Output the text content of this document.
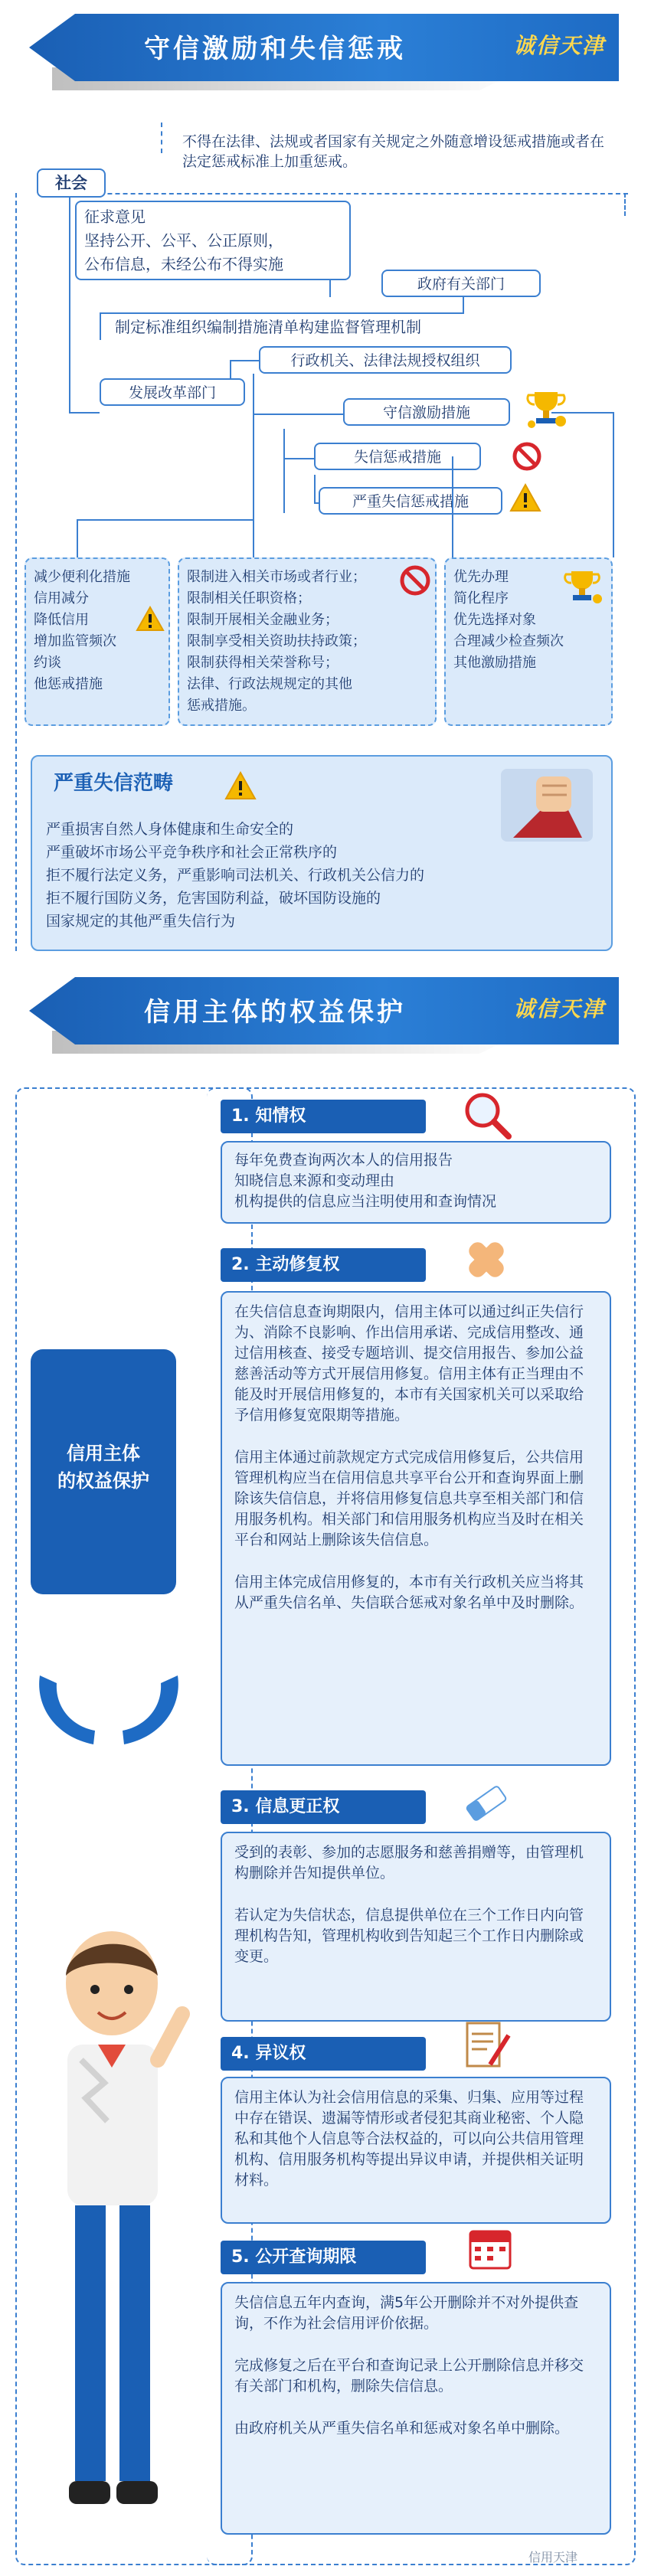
守信激励和失信惩戒	诚信天津
不得在法律、法规或者国家有关规定之外随意增设惩戒措施或者在法定惩戒标准上加重惩戒。
社会
征求意见
坚持公开、公平、公正原则，
公布信息，未经公布不得实施
政府有关部门
制定标准组织编制措施清单构建监督管理机制
行政机关、法律法规授权组织
发展改革部门
守信激励措施
失信惩戒措施
严重失信惩戒措施
减少便利化措施
信用减分
降低信用
增加监管频次
约谈
他惩戒措施
限制进入相关市场或者行业；
限制相关任职资格；
限制开展相关金融业务；
限制享受相关资助扶持政策；
限制获得相关荣誉称号；
法律、行政法规规定的其他
惩戒措施。
优先办理
简化程序
优先选择对象
合理减少检查频次
其他激励措施
严重失信范畴
严重损害自然人身体健康和生命安全的
严重破坏市场公平竞争秩序和社会正常秩序的
拒不履行法定义务，严重影响司法机关、行政机关公信力的
拒不履行国防义务，危害国防利益，破坏国防设施的
国家规定的其他严重失信行为
信用主体的权益保护	诚信天津
信用主体
的权益保护
1. 知情权
每年免费查询两次本人的信用报告
知晓信息来源和变动理由
机构提供的信息应当注明使用和查询情况
2. 主动修复权
在失信信息查询期限内，信用主体可以通过纠正失信行为、消除不良影响、作出信用承诺、完成信用整改、通过信用核查、接受专题培训、提交信用报告、参加公益慈善活动等方式开展信用修复。信用主体有正当理由不能及时开展信用修复的，本市有关国家机关可以采取给予信用修复宽限期等措施。
信用主体通过前款规定方式完成信用修复后，公共信用管理机构应当在信用信息共享平台公开和查询界面上删除该失信信息，并将信用修复信息共享至相关部门和信用服务机构。相关部门和信用服务机构应当及时在相关平台和网站上删除该失信信息。
信用主体完成信用修复的，本市有关行政机关应当将其从严重失信名单、失信联合惩戒对象名单中及时删除。
3. 信息更正权
受到的表彰、参加的志愿服务和慈善捐赠等，由管理机构删除并告知提供单位。
若认定为失信状态，信息提供单位在三个工作日内向管理机构告知，管理机构收到告知起三个工作日内删除或变更。
4. 异议权
信用主体认为社会信用信息的采集、归集、应用等过程中存在错误、遗漏等情形或者侵犯其商业秘密、个人隐私和其他个人信息等合法权益的，可以向公共信用管理机构、信用服务机构等提出异议申请，并提供相关证明材料。
5. 公开查询期限
失信信息五年内查询，满5年公开删除并不对外提供查询，不作为社会信用评价依据。
完成修复之后在平台和查询记录上公开删除信息并移交有关部门和机构，删除失信信息。
由政府机关从严重失信名单和惩戒对象名单中删除。
信用天津
